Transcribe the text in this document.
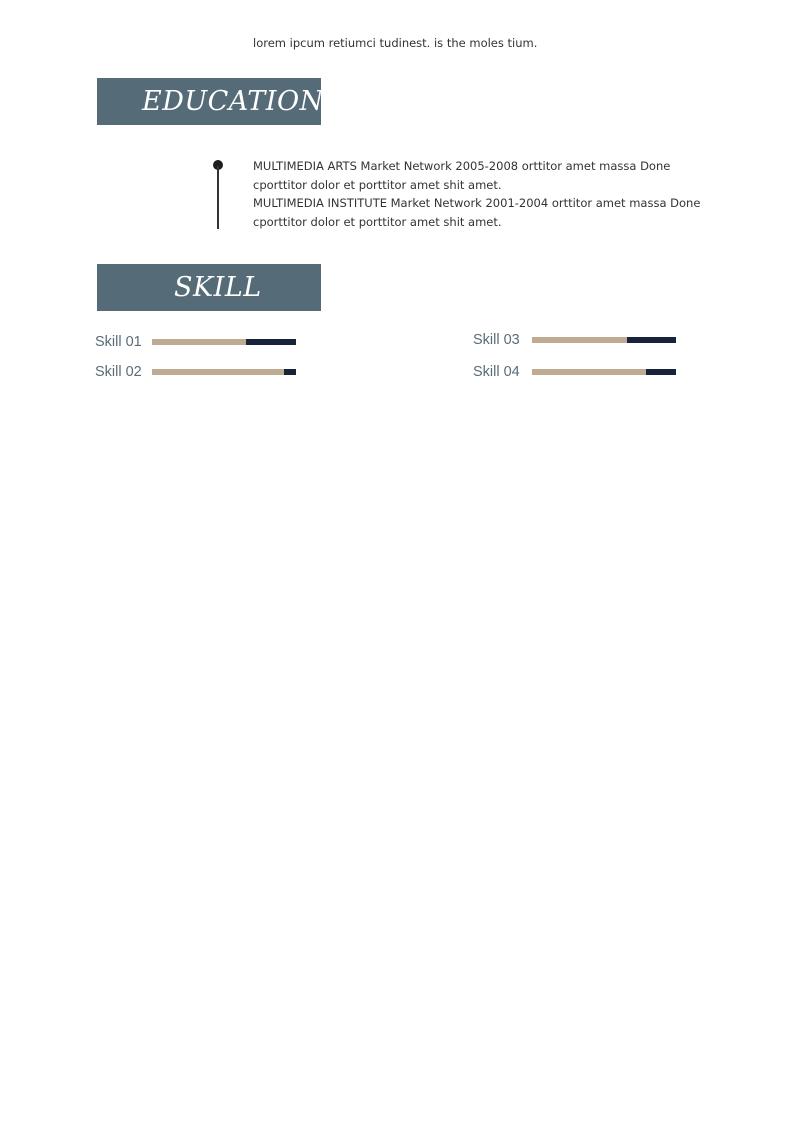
lorem ipcum retiumci tudinest. is the moles tium.
EDUCATION
MULTIMEDIA ARTS Market Network 2005-2008 orttitor amet massa Done
cporttitor dolor et porttitor amet shit amet.
MULTIMEDIA INSTITUTE Market Network 2001-2004 orttitor amet massa Done
cporttitor dolor et porttitor amet shit amet.
SKILL
Skill 01
Skill 02
Skill 03
Skill 04
